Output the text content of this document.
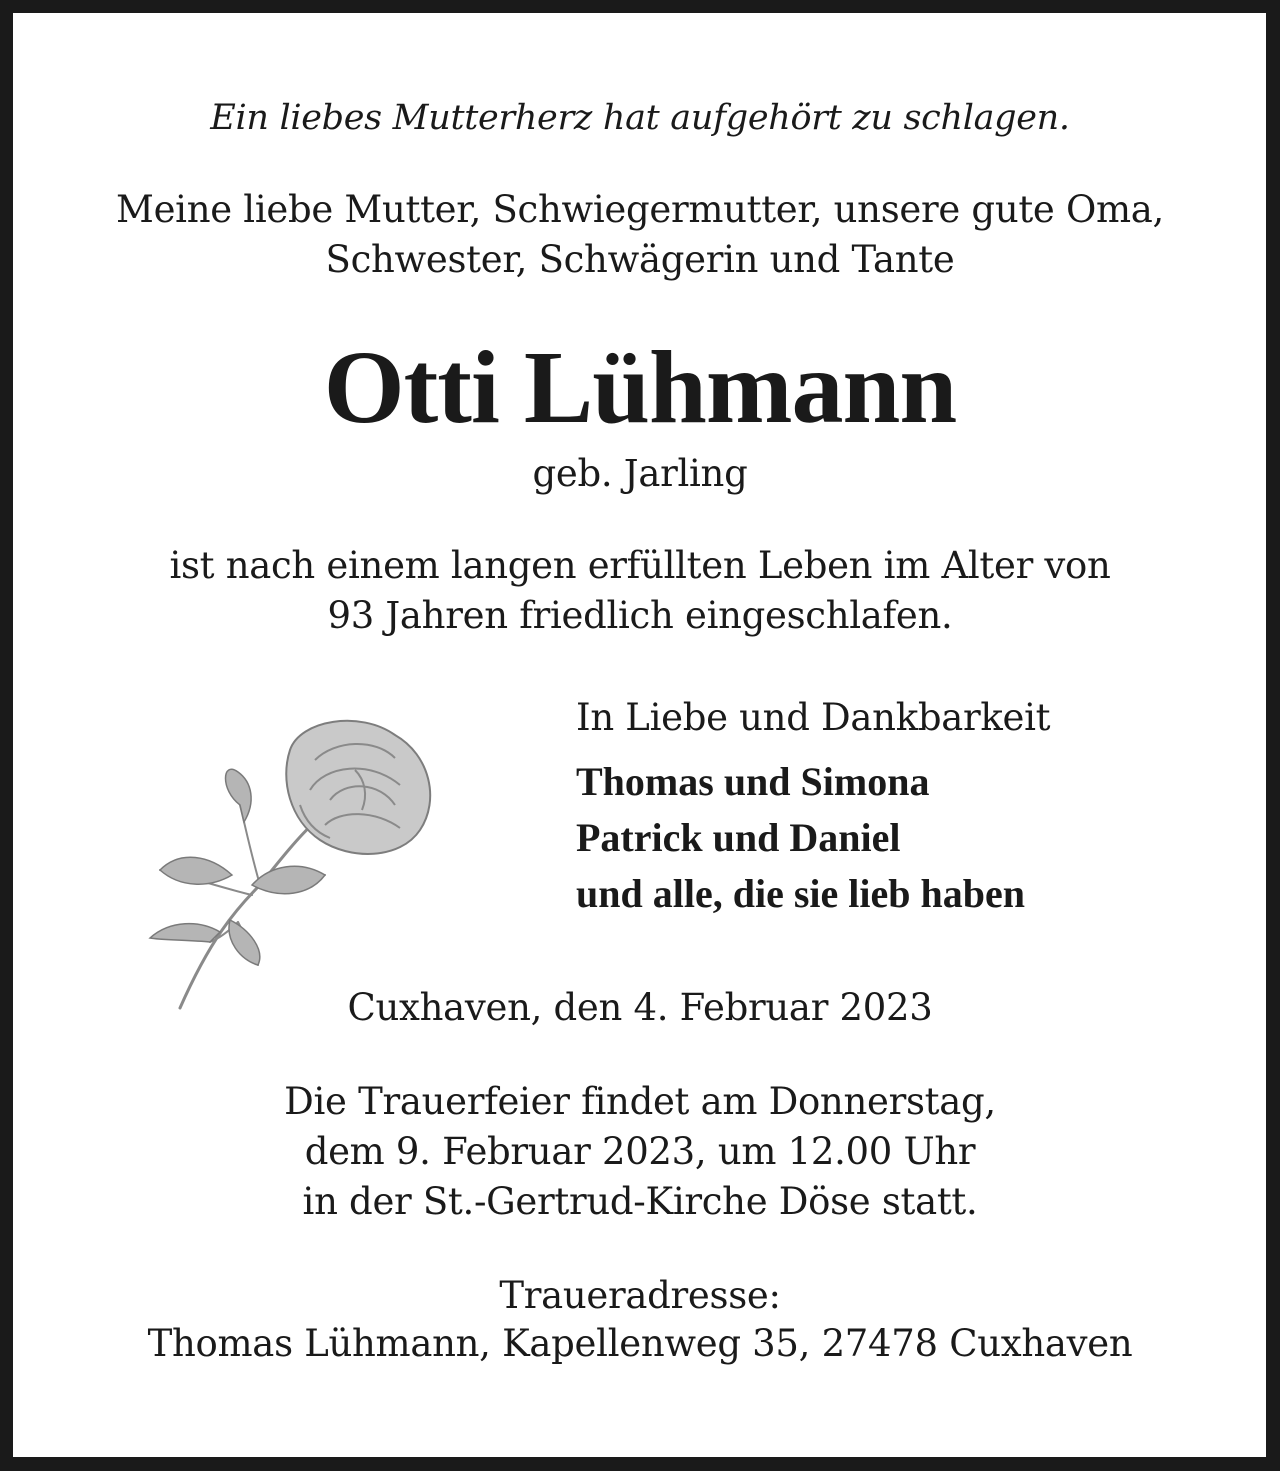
Ein liebes Mutterherz hat aufgehört zu schlagen.
Meine liebe Mutter, Schwiegermutter, unsere gute Oma,
Schwester, Schwägerin und Tante
Otti Lühmann
geb. Jarling
ist nach einem langen erfüllten Leben im Alter von
93 Jahren friedlich eingeschlafen.
In Liebe und Dankbarkeit
Thomas und Simona
Patrick und Daniel
und alle, die sie lieb haben
Cuxhaven, den 4. Februar 2023
Die Trauerfeier findet am Donnerstag,
dem 9. Februar 2023, um 12.00 Uhr
in der St.-Gertrud-Kirche Döse statt.
Traueradresse:
Thomas Lühmann, Kapellenweg 35, 27478 Cuxhaven
